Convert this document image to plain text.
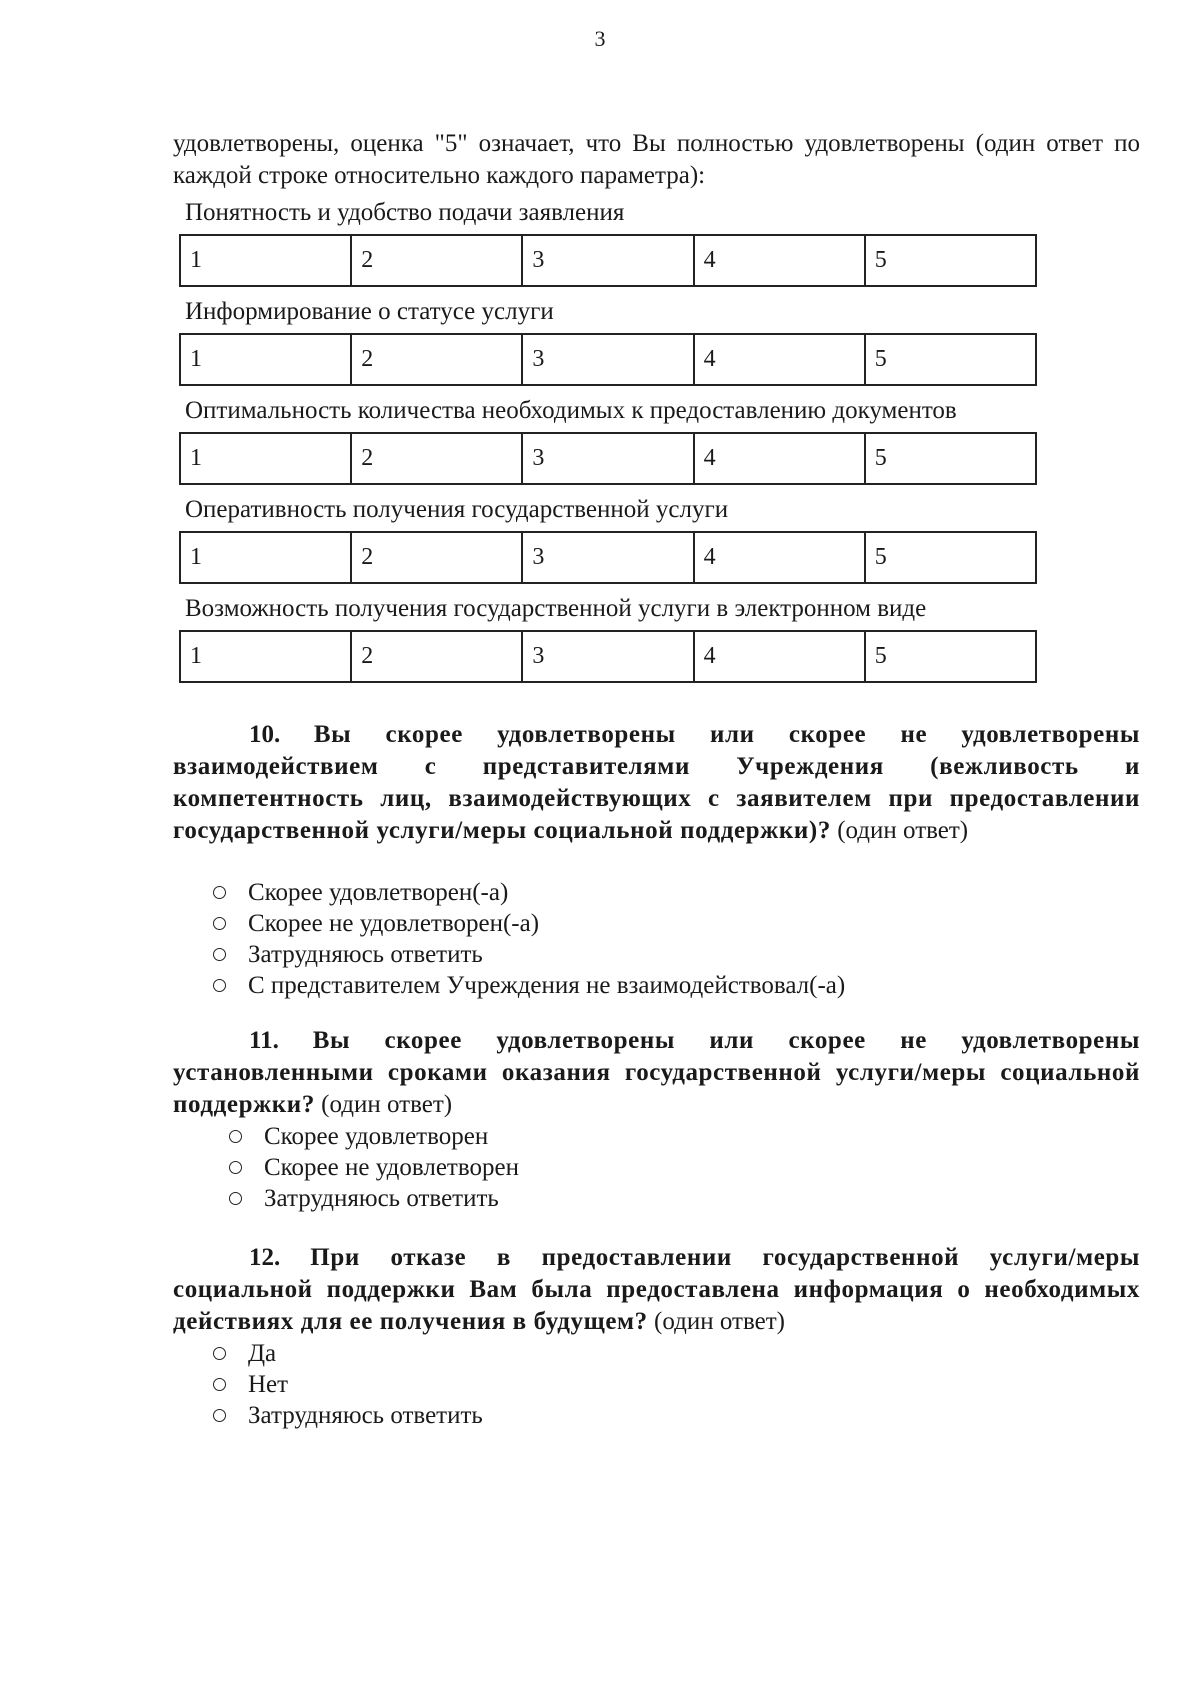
3

удовлетворены, оценка "5" означает, что Вы полностью удовлетворены (один ответ по каждой строке относительно каждого параметра):

Понятность и удобство подачи заявления
1	2	3	4	5
Информирование о статусе услуги
1	2	3	4	5
Оптимальность количества необходимых к предоставлению документов
1	2	3	4	5
Оперативность получения государственной услуги
1	2	3	4	5
Возможность получения государственной услуги в электронном виде
1	2	3	4	5

10. Вы скорее удовлетворены или скорее не удовлетворены взаимодействием с представителями Учреждения (вежливость и компетентность лиц, взаимодействующих с заявителем при предоставлении государственной услуги/меры социальной поддержки)? (один ответ)

Скорее удовлетворен(-а)
Скорее не удовлетворен(-а)
Затрудняюсь ответить
С представителем Учреждения не взаимодействовал(-а)

11. Вы скорее удовлетворены или скорее не удовлетворены установленными сроками оказания государственной услуги/меры социальной поддержки? (один ответ)

Скорее удовлетворен
Скорее не удовлетворен
Затрудняюсь ответить

12. При отказе в предоставлении государственной услуги/меры социальной поддержки Вам была предоставлена информация о необходимых действиях для ее получения в будущем? (один ответ)

Да
Нет
Затрудняюсь ответить
